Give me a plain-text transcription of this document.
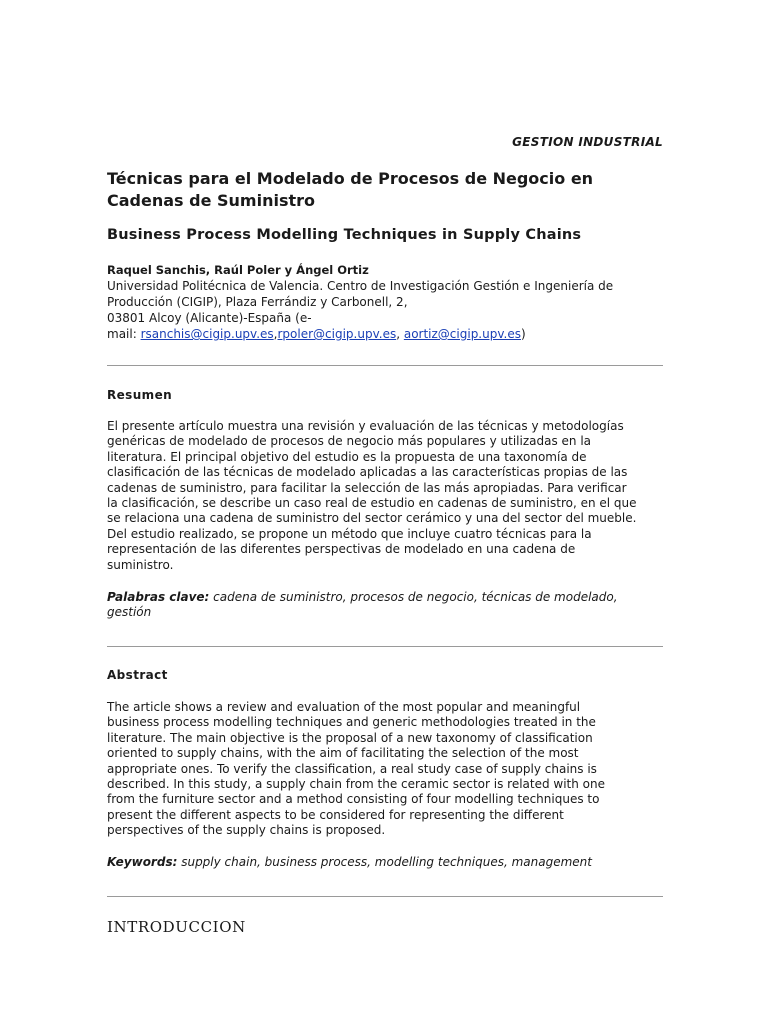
GESTION INDUSTRIAL
Técnicas para el Modelado de Procesos de Negocio en
Cadenas de Suministro
Business Process Modelling Techniques in Supply Chains
Raquel Sanchis, Raúl Poler y Ángel Ortiz
Universidad Politécnica de Valencia. Centro de Investigación Gestión e Ingeniería de
Producción (CIGIP), Plaza Ferrándiz y Carbonell, 2,
03801 Alcoy (Alicante)-España (e-
mail: rsanchis@cigip.upv.es,rpoler@cigip.upv.es, aortiz@cigip.upv.es)
Resumen
El presente artículo muestra una revisión y evaluación de las técnicas y metodologías
genéricas de modelado de procesos de negocio más populares y utilizadas en la
literatura. El principal objetivo del estudio es la propuesta de una taxonomía de
clasificación de las técnicas de modelado aplicadas a las características propias de las
cadenas de suministro, para facilitar la selección de las más apropiadas. Para verificar
la clasificación, se describe un caso real de estudio en cadenas de suministro, en el que
se relaciona una cadena de suministro del sector cerámico y una del sector del mueble.
Del estudio realizado, se propone un método que incluye cuatro técnicas para la
representación de las diferentes perspectivas de modelado en una cadena de
suministro.
Palabras clave: cadena de suministro, procesos de negocio, técnicas de modelado,
gestión
Abstract
The article shows a review and evaluation of the most popular and meaningful
business process modelling techniques and generic methodologies treated in the
literature. The main objective is the proposal of a new taxonomy of classification
oriented to supply chains, with the aim of facilitating the selection of the most
appropriate ones. To verify the classification, a real study case of supply chains is
described. In this study, a supply chain from the ceramic sector is related with one
from the furniture sector and a method consisting of four modelling techniques to
present the different aspects to be considered for representing the different
perspectives of the supply chains is proposed.
Keywords: supply chain, business process, modelling techniques, management
INTRODUCCION
